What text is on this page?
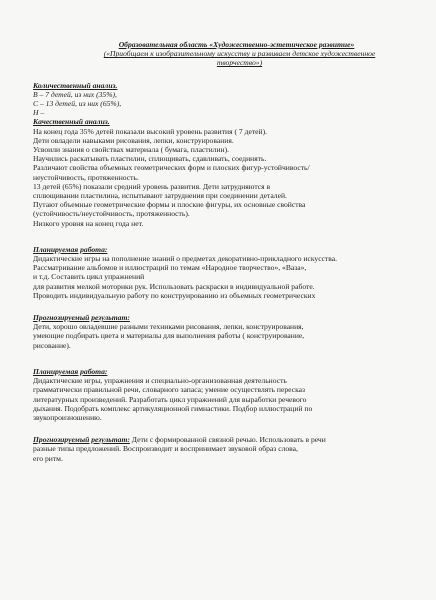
Образовательная область «Художественно-эстетическое развитие»
(«Приобщаем к изобразительному искусству и развиваем детское художественное
творчество»)
Количественный анализ.
В – 7 детей, из них (35%),
С – 13 детей, из них (65%),
Н –
Качественный анализ.
На конец года 35% детей показали высокий уровень развития ( 7 детей).
Дети овладели навыками рисования, лепки, конструирования.
Усвоили знания о свойствах материала ( бумага, пластилин).
Научились раскатывать пластилин, сплющивать, сдавливать, соединять.
Различают свойства объемных геометрических форм и плоских фигур-устойчивость/
неустойчивость, протяженность.
13 детей (65%) показали средний уровень развития. Дети затрудняются в
сплющивании пластилина, испытывают затруднения при соединении деталей.
Путают объемные геометрические формы и плоские фигуры, их основные свойства
(устойчивость/неустойчивость, протяженность).
Низкого уровня на конец года нет.
Планируемая работа:
Дидактические игры на пополнение знаний о предметах декоративно-прикладного искусства.
Рассматривание альбомов и иллюстраций по темам «Народное творчество», «Ваза»,
и т.д. Составить цикл упражнений
для развития мелкой моторики рук. Использовать раскраски в индивидуальной работе.
Проводить индивидуальную работу по конструированию из объемных геометрических
Прогнозируемый результат:
Дети, хорошо овладевшие разными техниками рисования, лепки, конструирования,
умеющие подбирать цвета и материалы для выполнения работы ( конструирование,
рисование).
Планируемая работа:
Дидактические игры, упражнения и специально-организованная деятельность
грамматически правильной речи, словарного запаса; умение осуществлять пересказ
литературных произведений. Разработать цикл упражнений для выработки речевого
дыхания. Подобрать комплекс артикуляционной гимнастики. Подбор иллюстраций по
звукопроизношению.
Прогнозируемый результат: Дети с формированной связной речью. Использовать в речи
разные типы предложений. Воспроизводит и воспринимает звуковой образ слова,
его ритм.
